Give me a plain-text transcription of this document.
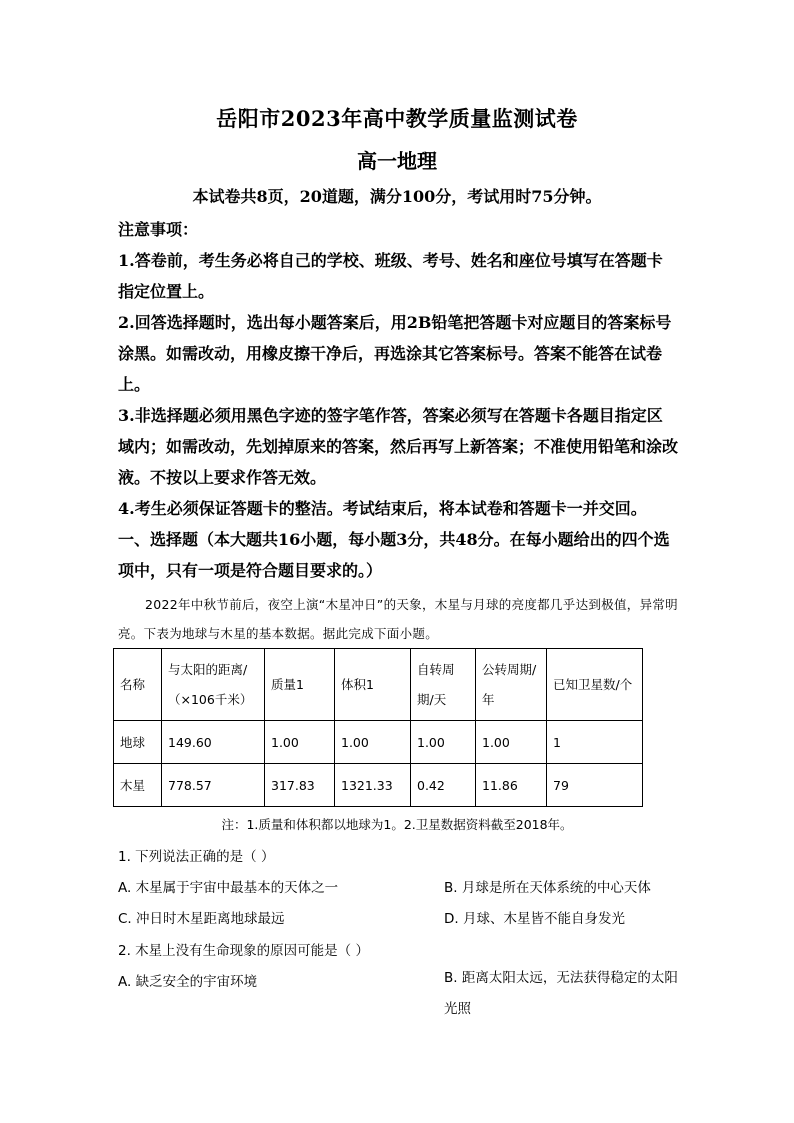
岳阳市2023年高中教学质量监测试卷
高一地理
本试卷共8页，20道题，满分100分，考试用时75分钟。

注意事项：

1.答卷前，考生务必将自己的学校、班级、考号、姓名和座位号填写在答题卡指定位置上。

2.回答选择题时，选出每小题答案后，用2B铅笔把答题卡对应题目的答案标号涂黑。如需改动，用橡皮擦干净后，再选涂其它答案标号。答案不能答在试卷上。

3.非选择题必须用黑色字迹的签字笔作答，答案必须写在答题卡各题目指定区域内；如需改动，先划掉原来的答案，然后再写上新答案；不准使用铅笔和涂改液。不按以上要求作答无效。

4.考生必须保证答题卡的整洁。考试结束后，将本试卷和答题卡一并交回。

一、选择题（本大题共16小题，每小题3分，共48分。在每小题给出的四个选项中，只有一项是符合题目要求的。）

2022年中秋节前后，夜空上演“木星冲日”的天象，木星与月球的亮度都几乎达到极值，异常明亮。下表为地球与木星的基本数据。据此完成下面小题。
名称	与太阳的距离/（×106千米）	质量1	体积1	自转周期/天	公转周期/年	已知卫星数/个
地球	149.60	1.00	1.00	1.00	1.00	1
木星	778.57	317.83	1321.33	0.42	11.86	79
注：1.质量和体积都以地球为1。2.卫星数据资料截至2018年。
1. 下列说法正确的是（ ）
A. 木星属于宇宙中最基本的天体之一	B. 月球是所在天体系统的中心天体
C. 冲日时木星距离地球最远	D. 月球、木星皆不能自身发光
2. 木星上没有生命现象的原因可能是（ ）
A. 缺乏安全的宇宙环境	B. 距离太阳太远，无法获得稳定的太阳光照
